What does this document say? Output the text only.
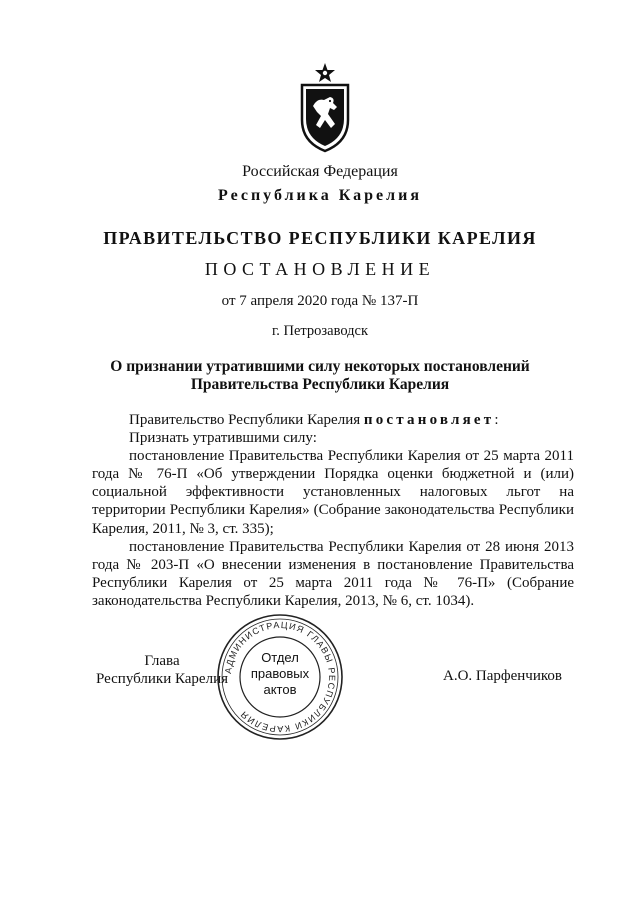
Российская Федерация
Республика Карелия
ПРАВИТЕЛЬСТВО РЕСПУБЛИКИ КАРЕЛИЯ
ПОСТАНОВЛЕНИЕ
от 7 апреля 2020 года № 137-П
г. Петрозаводск
О признании утратившими силу некоторых постановлений
Правительства Республики Карелия

Правительство Республики Карелия постановляет:

Признать утратившими силу:

постановление Правительства Республики Карелия от 25 марта 2011 года № 76-П «Об утверждении Порядка оценки бюджетной и (или) социальной эффективности установленных налоговых льгот на территории Республики Карелия» (Собрание законодательства Республики Карелия, 2011, № 3, ст. 335);

постановление Правительства Республики Карелия от 28 июня 2013 года № 203-П «О внесении изменения в постановление Правительства Республики Карелия от 25 марта 2011 года № 76-П» (Собрание законодательства Республики Карелия, 2013, № 6, ст. 1034).

Глава
Республики Карелия	А.О. Парфенчиков
АДМИНИСТРАЦИЯ ГЛАВЫ РЕСПУБЛИКИ КАРЕЛИЯ
Отдел
правовых
актов
